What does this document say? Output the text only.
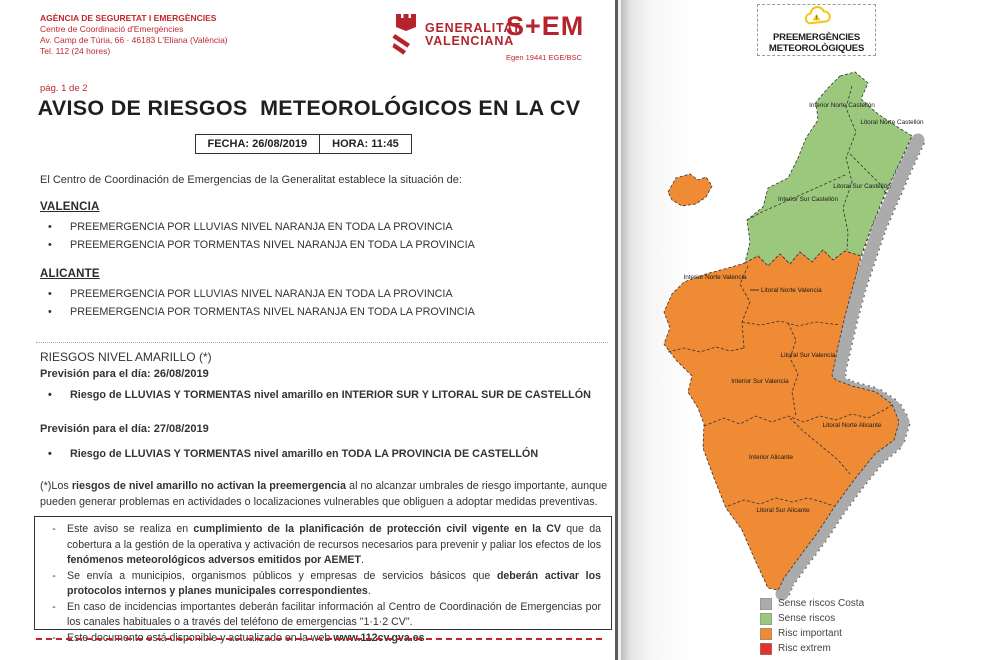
AGÈNCIA DE SEGURETAT I EMERGÈNCIES
Centre de Coordinació d'Emergències
Av. Camp de Túria, 66 · 46183 L'Eliana (València)
Tel. 112 (24 hores)
GENERALITAT
VALENCIANA
S+EM
Egen 19441 EGE/BSC
pág. 1 de 2
AVISO DE RIESGOS  METEOROLÓGICOS EN LA CV
FECHA: 26/08/2019	HORA: 11:45
El Centro de Coordinación de Emergencias de la Generalitat establece la situación de:
VALENCIA
•	PREEMERGENCIA POR LLUVIAS NIVEL NARANJA EN TODA LA PROVINCIA
•	PREEMERGENCIA POR TORMENTAS NIVEL NARANJA EN TODA LA PROVINCIA
ALICANTE
•	PREEMERGENCIA POR LLUVIAS NIVEL NARANJA EN TODA LA PROVINCIA
•	PREEMERGENCIA POR TORMENTAS NIVEL NARANJA EN TODA LA PROVINCIA
RIESGOS NIVEL AMARILLO (*)
Previsión para el día: 26/08/2019
•	Riesgo de LLUVIAS Y TORMENTAS nivel amarillo en INTERIOR SUR Y LITORAL SUR DE CASTELLÓN
Previsión para el día: 27/08/2019
•	Riesgo de LLUVIAS Y TORMENTAS nivel amarillo en TODA LA PROVINCIA DE CASTELLÓN
(*)Los riesgos de nivel amarillo no activan la preemergencia al no alcanzar umbrales de riesgo importante, aunque pueden generar problemas en actividades o localizaciones vulnerables que obliguen a adoptar medidas preventivas.
-	Este aviso se realiza en cumplimiento de la planificación de protección civil vigente en la CV que da cobertura a la gestión de la operativa y activación de recursos necesarios para prevenir y paliar los efectos de los fenómenos meteorológicos adversos emitidos por AEMET.
-	Se envía a municipios, organismos públicos y empresas de servicios básicos que deberán activar los protocolos internos y planes municipales correspondientes.
-	En caso de incidencias importantes deberán facilitar información al Centro de Coordinación de Emergencias por los canales habituales o a través del teléfono de emergencias "1·1·2 CV".
-	Este documento está disponible y actualizado en la web www.112cv.gva.es
!
PREEMERGÈNCIES
METEOROLÒGIQUES
Interior Norte Castellón
Litoral Norte Castellón
Litoral Sur Castellón
Interior Sur Castellón
Interior Norte Valencia
Litoral Norte Valencia
Litoral Sur Valencia
Interior Sur Valencia
Litoral Norte Alicante
Interior Alicante
Litoral Sur Alicante
Sense riscos Costa
Sense riscos
Risc important
Risc extrem
